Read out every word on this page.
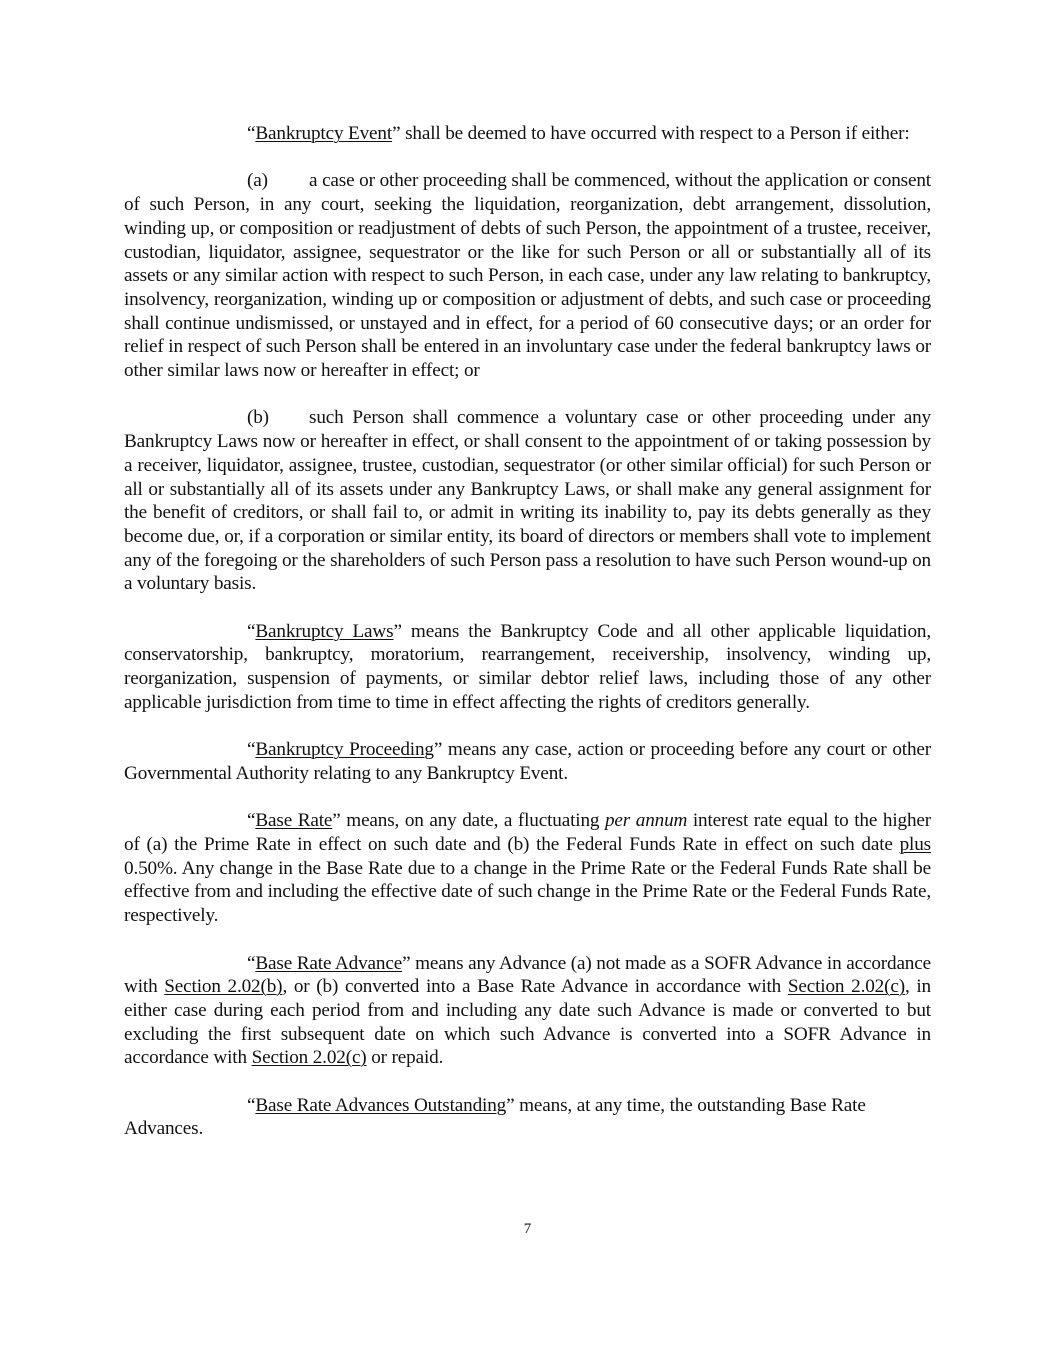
“Bankruptcy Event” shall be deemed to have occurred with respect to a Person if either:

(a) a case or other proceeding shall be commenced, without the application or consent of such Person, in any court, seeking the liquidation, reorganization, debt arrangement, dissolution, winding up, or composition or readjustment of debts of such Person, the appointment of a trustee, receiver, custodian, liquidator, assignee, sequestrator or the like for such Person or all or substantially all of its assets or any similar action with respect to such Person, in each case, under any law relating to bankruptcy, insolvency, reorganization, winding up or composition or adjustment of debts, and such case or proceeding shall continue undismissed, or unstayed and in effect, for a period of 60 consecutive days; or an order for relief in respect of such Person shall be entered in an involuntary case under the federal bankruptcy laws or other similar laws now or hereafter in effect; or

(b) such Person shall commence a voluntary case or other proceeding under any Bankruptcy Laws now or hereafter in effect, or shall consent to the appointment of or taking possession by a receiver, liquidator, assignee, trustee, custodian, sequestrator (or other similar official) for such Person or all or substantially all of its assets under any Bankruptcy Laws, or shall make any general assignment for the benefit of creditors, or shall fail to, or admit in writing its inability to, pay its debts generally as they become due, or, if a corporation or similar entity, its board of directors or members shall vote to implement any of the foregoing or the shareholders of such Person pass a resolution to have such Person wound-up on a voluntary basis.

“Bankruptcy Laws” means the Bankruptcy Code and all other applicable liquidation, conservatorship, bankruptcy, moratorium, rearrangement, receivership, insolvency, winding up, reorganization, suspension of payments, or similar debtor relief laws, including those of any other applicable jurisdiction from time to time in effect affecting the rights of creditors generally.

“Bankruptcy Proceeding” means any case, action or proceeding before any court or other Governmental Authority relating to any Bankruptcy Event.

“Base Rate” means, on any date, a fluctuating per annum interest rate equal to the higher of (a) the Prime Rate in effect on such date and (b) the Federal Funds Rate in effect on such date plus 0.50%. Any change in the Base Rate due to a change in the Prime Rate or the Federal Funds Rate shall be effective from and including the effective date of such change in the Prime Rate or the Federal Funds Rate, respectively.

“Base Rate Advance” means any Advance (a) not made as a SOFR Advance in accordance with Section 2.02(b), or (b) converted into a Base Rate Advance in accordance with Section 2.02(c), in either case during each period from and including any date such Advance is made or converted to but excluding the first subsequent date on which such Advance is converted into a SOFR Advance in accordance with Section 2.02(c) or repaid.

“Base Rate Advances Outstanding” means, at any time, the outstanding Base Rate Advances.

7
